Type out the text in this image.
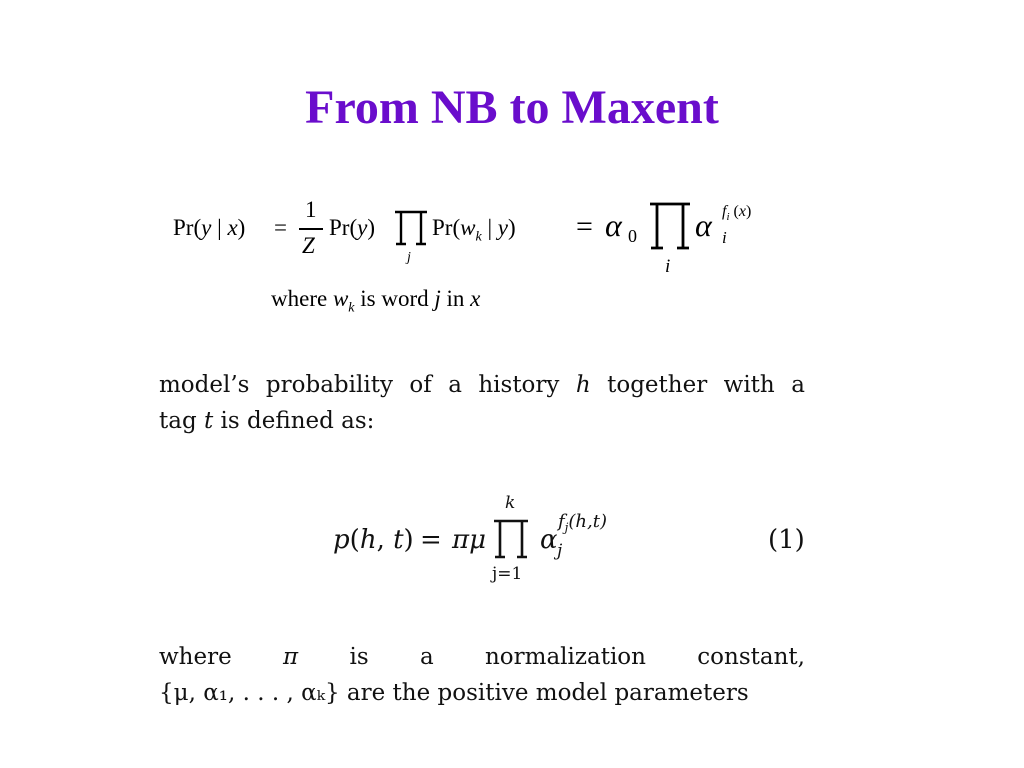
From NB to Maxent
Pr(y | x) =
1
Z
Pr(y)
j
$Pr(w_k$ | y) = α 0
i
α i
$f_i$ (x)
where $w_k$ is word j in x
model’s probability of a history h together with a
tag t is defined as:
p(h, t) = πμ
k
j=1
α j
$f_j(h,t)$
(1)
where π is a normalization constant,
{μ, α₁, . . . , αₖ} are the positive model parameters
